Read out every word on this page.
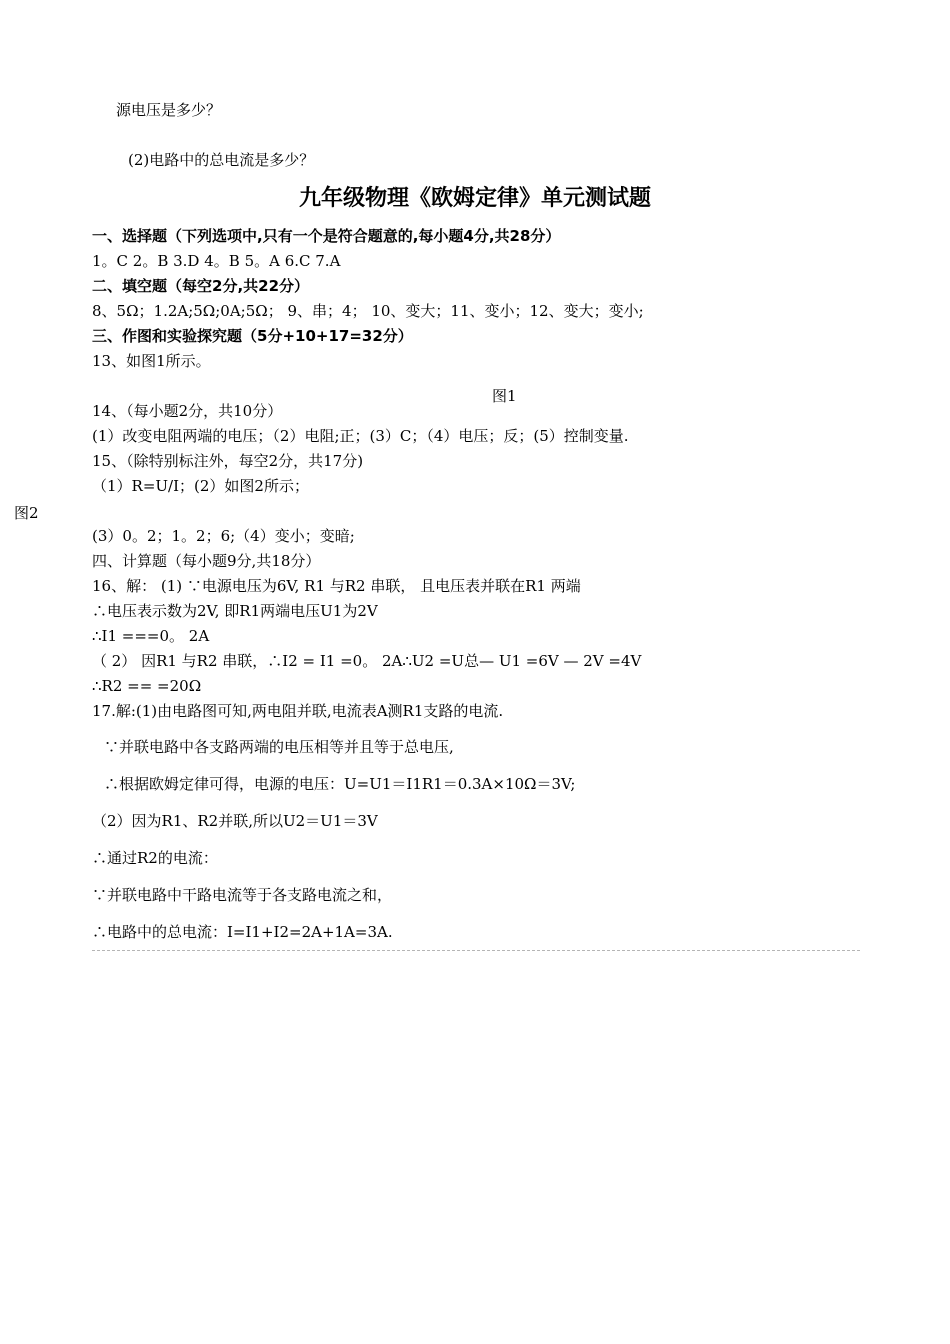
源电压是多少？
(2)电路中的总电流是多少？
九年级物理《欧姆定律》单元测试题
一、选择题（下列选项中,只有一个是符合题意的,每小题4分,共28分）
1。C 2。B 3.D 4。B 5。A 6.C 7.A
二、填空题（每空2分,共22分）
8、5Ω；1.2A;5Ω;0A;5Ω； 9、串；4； 10、变大；11、变小；12、变大；变小;
三、作图和实验探究题（5分+10+17=32分）
13、如图1所示。
图1
14、（每小题2分，共10分）
(1）改变电阻两端的电压；（2）电阻;正；(3）C；（4）电压；反；(5）控制变量.
15、（除特别标注外，每空2分，共17分)
（1）R=U/I；(2）如图2所示；
图2
(3）0。2；1。2；6;（4）变小；变暗;
四、计算题（每小题9分,共18分）
16、解： (1) ∵电源电压为6V, R1 与R2 串联， 且电压表并联在R1 两端
∴电压表示数为2V, 即R1两端电压U1为2V
∴I1 ===0。 2A
（ 2） 因R1 与R2 串联，∴I2 = I1 =0。 2A∴U2 =U总— U1 =6V — 2V =4V
∴R2 == =20Ω
17.解:(1)由电路图可知,两电阻并联,电流表A测R1支路的电流.
∵并联电路中各支路两端的电压相等并且等于总电压,
∴根据欧姆定律可得，电源的电压：U=U1＝I1R1＝0.3A×10Ω＝3V;
（2）因为R1、R2并联,所以U2＝U1＝3V
∴通过R2的电流：
∵并联电路中干路电流等于各支路电流之和，
∴电路中的总电流：I=I1+I2=2A+1A=3A.
